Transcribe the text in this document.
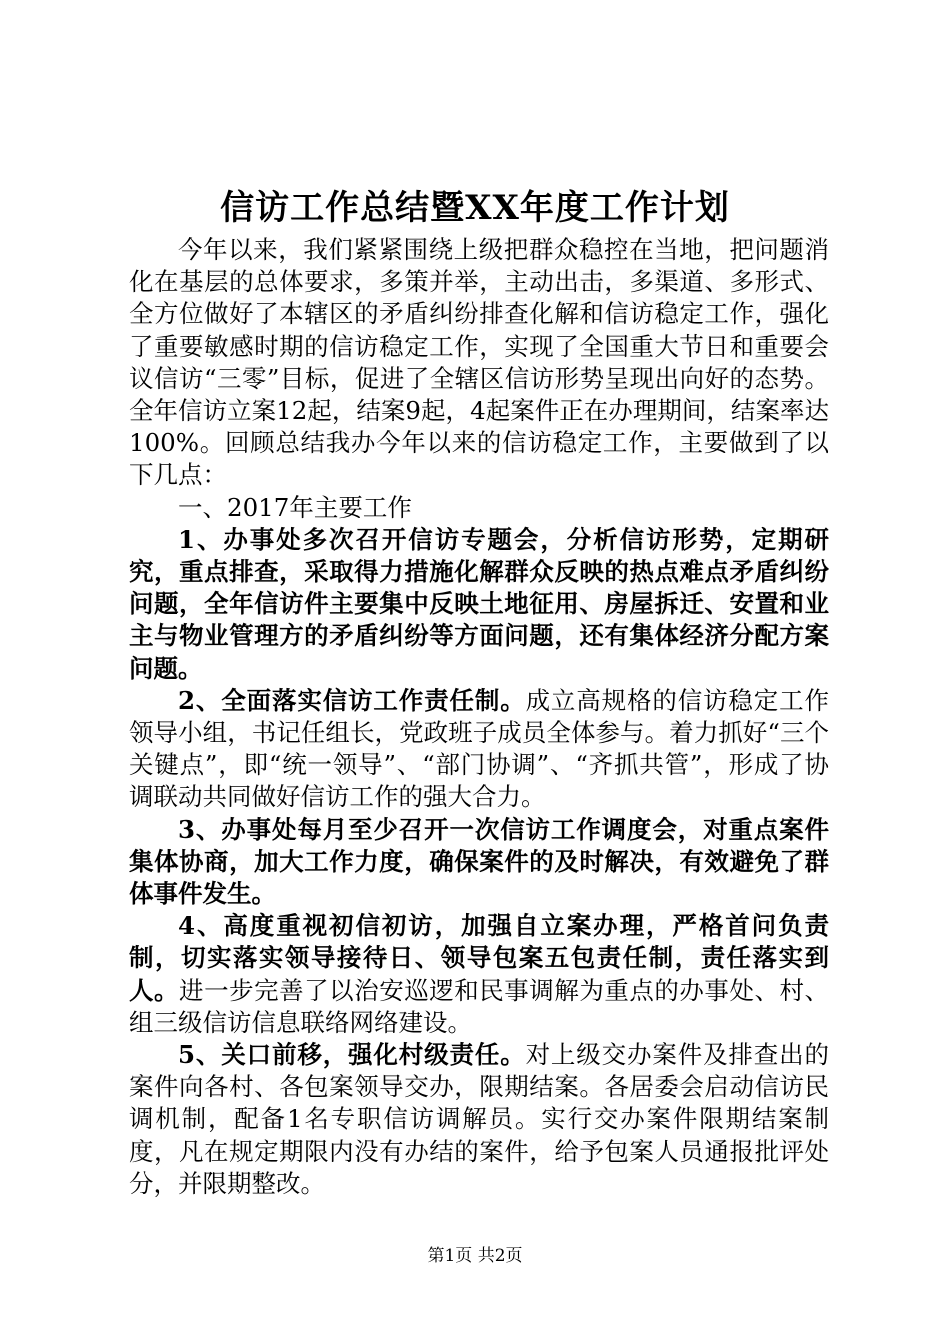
信访工作总结暨XX年度工作计划

今年以来，我们紧紧围绕上级把群众稳控在当地，把问题消化在基层的总体要求，多策并举，主动出击，多渠道、多形式、全方位做好了本辖区的矛盾纠纷排查化解和信访稳定工作，强化了重要敏感时期的信访稳定工作，实现了全国重大节日和重要会议信访“三零”目标，促进了全辖区信访形势呈现出向好的态势。全年信访立案12起，结案9起，4起案件正在办理期间，结案率达100%。回顾总结我办今年以来的信访稳定工作，主要做到了以下几点：

一、2017年主要工作

1、办事处多次召开信访专题会，分析信访形势，定期研究，重点排查，采取得力措施化解群众反映的热点难点矛盾纠纷问题，全年信访件主要集中反映土地征用、房屋拆迁、安置和业主与物业管理方的矛盾纠纷等方面问题，还有集体经济分配方案问题。

2、全面落实信访工作责任制。成立高规格的信访稳定工作领导小组，书记任组长，党政班子成员全体参与。着力抓好“三个关键点”，即“统一领导”、“部门协调”、“齐抓共管”，形成了协调联动共同做好信访工作的强大合力。

3、办事处每月至少召开一次信访工作调度会，对重点案件集体协商，加大工作力度，确保案件的及时解决，有效避免了群体事件发生。

4、高度重视初信初访，加强自立案办理，严格首问负责制，切实落实领导接待日、领导包案五包责任制，责任落实到人。进一步完善了以治安巡逻和民事调解为重点的办事处、村、组三级信访信息联络网络建设。

5、关口前移，强化村级责任。对上级交办案件及排查出的案件向各村、各包案领导交办，限期结案。各居委会启动信访民调机制，配备1名专职信访调解员。实行交办案件限期结案制度，凡在规定期限内没有办结的案件，给予包案人员通报批评处分，并限期整改。

第1页 共2页
